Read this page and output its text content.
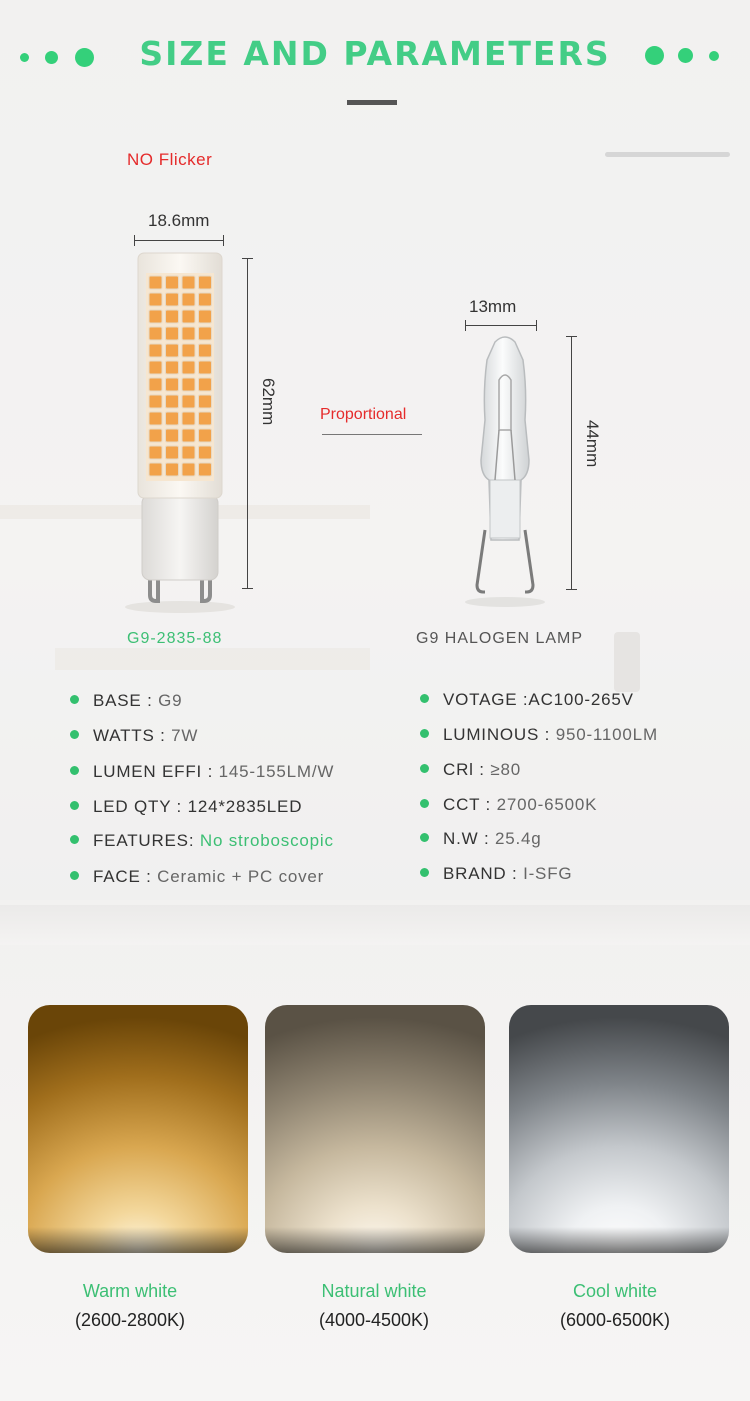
SIZE AND PARAMETERS
NO Flicker
18.6mm
62mm
13mm
44mm
Proportional
G9-2835-88	G9 HALOGEN LAMP
BASE : G9
WATTS : 7W
LUMEN EFFI : 145-155LM/W
LED QTY : 124*2835LED
FEATURES: No stroboscopic
FACE : Ceramic + PC cover
VOTAGE :AC100-265V
LUMINOUS : 950-1100LM
CRl : ≥80
CCT : 2700-6500K
N.W : 25.4g
BRAND : I-SFG
Warm white
(2600-2800K)
Natural white
(4000-4500K)
Cool white
(6000-6500K)
